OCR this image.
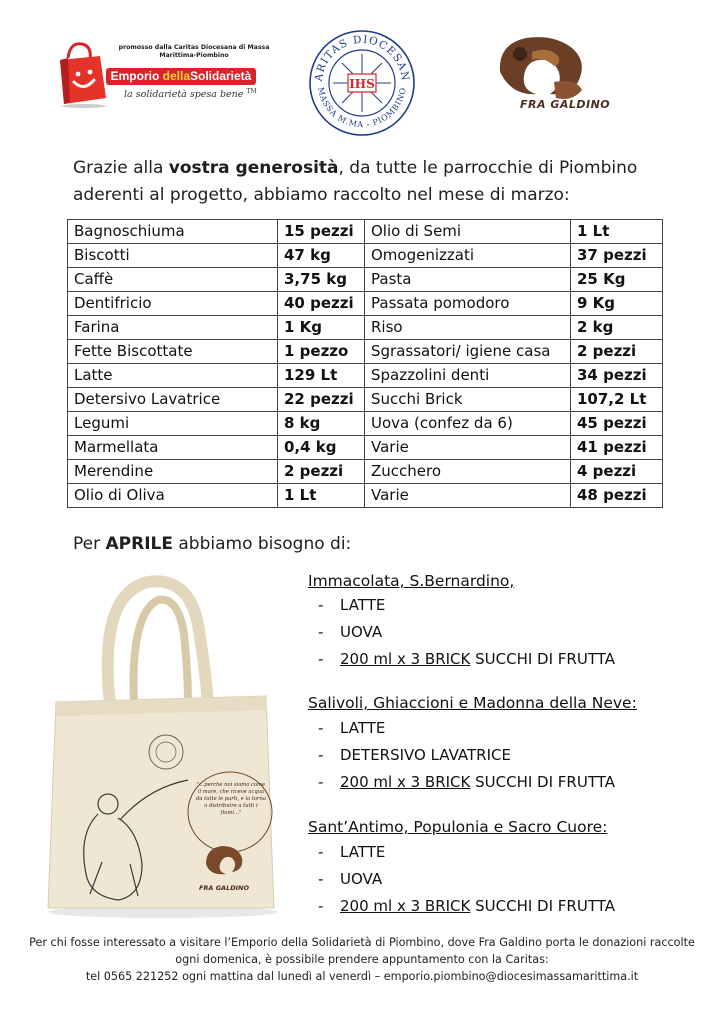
promosso dalla Caritas Diocesana di Massa Marittima-Piombino
Emporio dellaSolidarietà
la solidarietà spesa bene ™
ARITAS DIOCESAN
MASSA M.MA - PIOMBINO
IHS
FRA GALDINO
Grazie alla vostra generosità, da tutte le parrocchie di Piombino aderenti al progetto, abbiamo raccolto nel mese di marzo:
Bagnoschiuma	15 pezzi	Olio di Semi	1 Lt
Biscotti	47 kg	Omogenizzati	37 pezzi
Caffè	3,75 kg	Pasta	25 Kg
Dentifricio	40 pezzi	Passata pomodoro	9 Kg
Farina	1 Kg	Riso	2 kg
Fette Biscottate	1 pezzo	Sgrassatori/ igiene casa	2 pezzi
Latte	129 Lt	Spazzolini denti	34 pezzi
Detersivo Lavatrice	22 pezzi	Succhi Brick	107,2 Lt
Legumi	8 kg	Uova (confez da 6)	45 pezzi
Marmellata	0,4 kg	Varie	41 pezzi
Merendine	2 pezzi	Zucchero	4 pezzi
Olio di Oliva	1 Lt	Varie	48 pezzi
Per APRILE abbiamo bisogno di:
Immacolata, S.Bernardino,
-	LATTE
-	UOVA
-	200 ml x 3 BRICK SUCCHI DI FRUTTA
Salivoli, Ghiaccioni e Madonna della Neve:
-	LATTE
-	DETERSIVO LAVATRICE
-	200 ml x 3 BRICK SUCCHI DI FRUTTA
Sant’Antimo, Populonia e Sacro Cuore:
-	LATTE
-	UOVA
-	200 ml x 3 BRICK SUCCHI DI FRUTTA
"...perché noi siamo come il mare, che riceve acqua da tutte le parti, e la torna a distribuire a tutti i fiumi..."
FRA GALDINO
Per chi fosse interessato a visitare l’Emporio della Solidarietà di Piombino, dove Fra Galdino porta le donazioni raccolte
ogni domenica, è possibile prendere appuntamento con la Caritas:
tel 0565 221252 ogni mattina dal lunedì al venerdì – emporio.piombino@diocesimassamarittima.it
